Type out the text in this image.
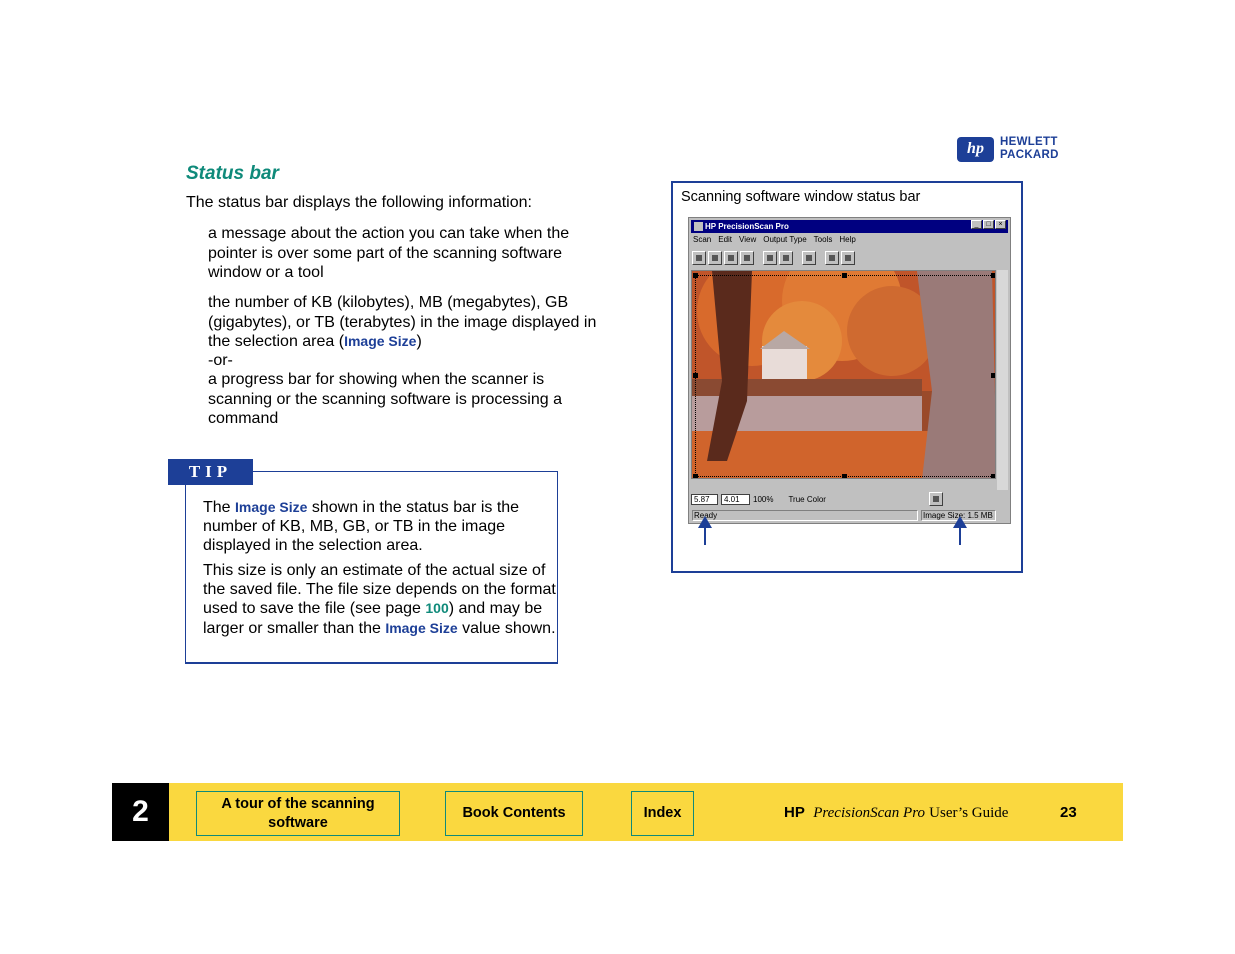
hp HEWLETT
PACKARD
Status bar
The status bar displays the following information:
a message about the action you can take when the pointer is over some part of the scanning software window or a tool
the number of KB (kilobytes), MB (megabytes), GB (gigabytes), or TB (terabytes) in the image displayed in the selection area (Image Size)
-or-
a progress bar for showing when the scanner is scanning or the scanning software is processing a command
TIP
The Image Size shown in the status bar is the number of KB, MB, GB, or TB in the image displayed in the selection area.
This size is only an estimate of the actual size of the saved file. The file size depends on the format used to save the file (see page 100) and may be larger or smaller than the Image Size value shown.
Scanning software window status bar
HP PrecisionScan Pro	_	□	×
Scan Edit View Output Type Tools Help
5.87	4.01	100% True Color
Ready	Image Size: 1.5 MB
2	A tour of the scanning software
Book Contents	Index	HP PrecisionScan Pro User’s Guide	23
